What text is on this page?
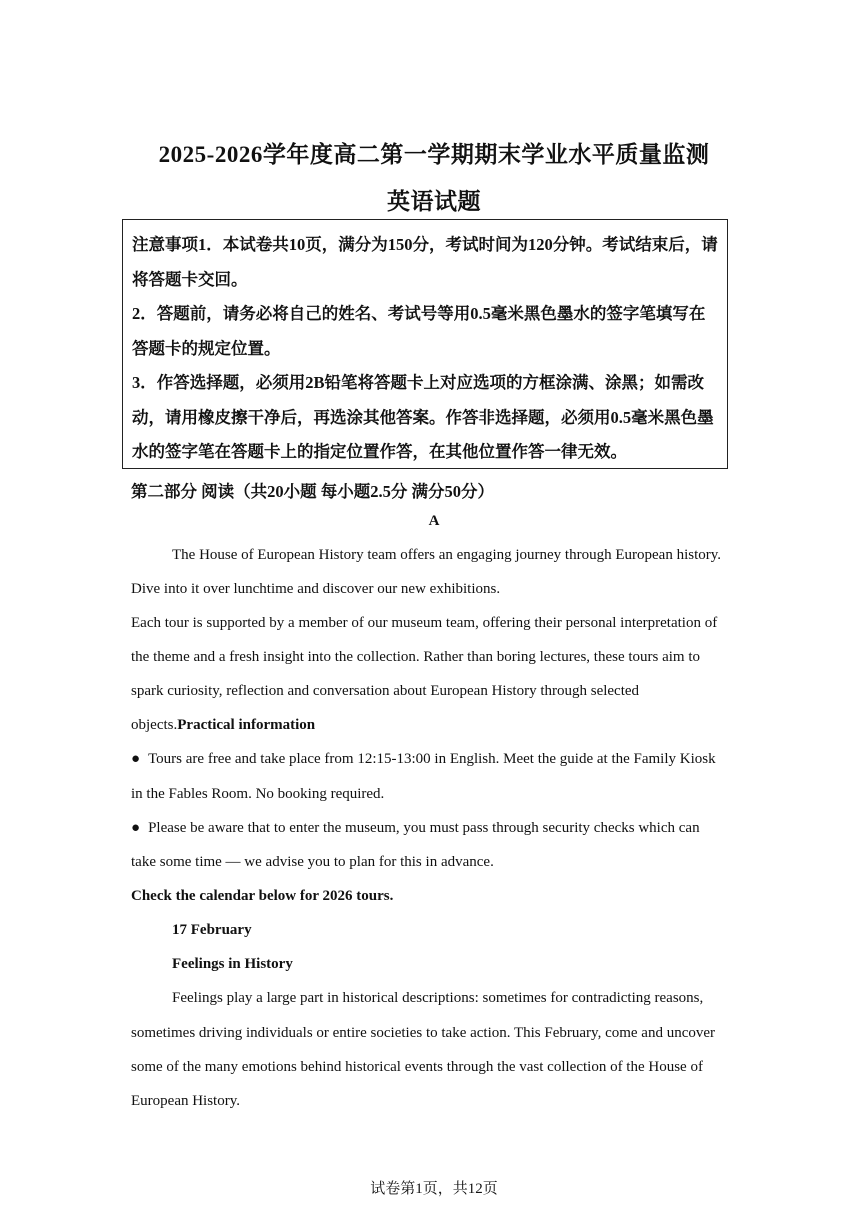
2025-2026学年度高二第一学期期末学业水平质量监测
英语试题

注意事项1．本试卷共10页，满分为150分，考试时间为120分钟。考试结束后，请将答题卡交回。

2．答题前，请务必将自己的姓名、考试号等用0.5毫米黑色墨水的签字笔填写在答题卡的规定位置。

3．作答选择题，必须用2B铅笔将答题卡上对应选项的方框涂满、涂黑；如需改动，请用橡皮擦干净后，再选涂其他答案。作答非选择题，必须用0.5毫米黑色墨水的签字笔在答题卡上的指定位置作答，在其他位置作答一律无效。

第二部分 阅读（共20小题 每小题2.5分 满分50分）
A
The House of European History team offers an engaging journey through European history.
Dive into it over lunchtime and discover our new exhibitions.
Each tour is supported by a member of our museum team, offering their personal interpretation of
the theme and a fresh insight into the collection. Rather than boring lectures, these tours aim to
spark curiosity, reflection and conversation about European History through selected
objects.Practical information
● Tours are free and take place from 12:15-13:00 in English. Meet the guide at the Family Kiosk
in the Fables Room. No booking required.
● Please be aware that to enter the museum, you must pass through security checks which can
take some time — we advise you to plan for this in advance.
Check the calendar below for 2026 tours.
17 February
Feelings in History
Feelings play a large part in historical descriptions: sometimes for contradicting reasons,
sometimes driving individuals or entire societies to take action. This February, come and uncover
some of the many emotions behind historical events through the vast collection of the House of
European History.
试卷第1页，共12页
